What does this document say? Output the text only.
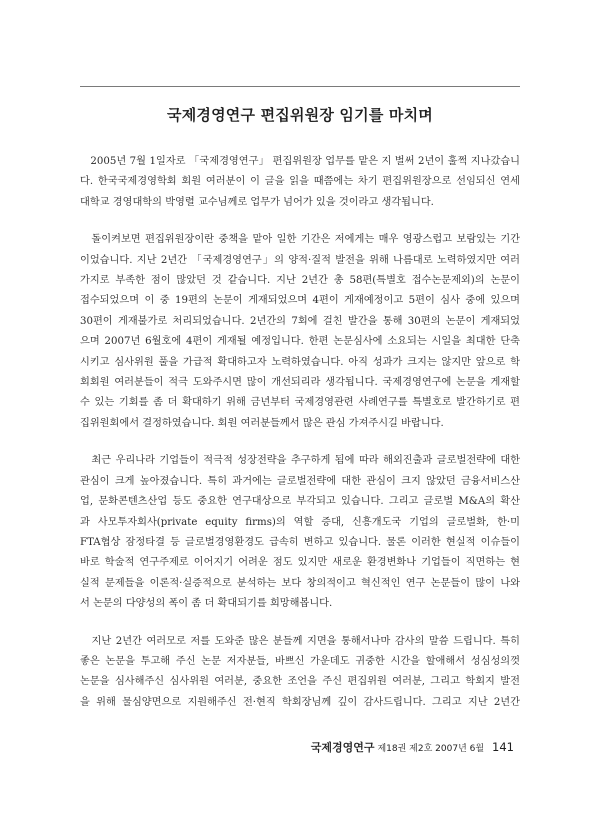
국제경영연구 편집위원장 임기를 마치며

　2005년 7월 1일자로 「국제경영연구」 편집위원장 업무를 맡은 지 벌써 2년이 훌쩍 지나갔습니
다. 한국국제경영학회 회원 여러분이 이 글을 읽을 때쯤에는 차기 편집위원장으로 선임되신 연세
대학교 경영대학의 박영렬 교수님께로 업무가 넘어가 있을 것이라고 생각됩니다.

　돌이켜보면 편집위원장이란 중책을 맡아 일한 기간은 저에게는 매우 영광스럽고 보람있는 기간
이었습니다. 지난 2년간 「국제경영연구」의 양적·질적 발전을 위해 나름대로 노력하였지만 여러
가지로 부족한 점이 많았던 것 같습니다. 지난 2년간 총 58편(특별호 접수논문제외)의 논문이
접수되었으며 이 중 19편의 논문이 게재되었으며 4편이 게재예정이고 5편이 심사 중에 있으며
30편이 게재불가로 처리되었습니다. 2년간의 7회에 걸친 발간을 통해 30편의 논문이 게재되었
으며 2007년 6월호에 4편이 게재될 예정입니다. 한편 논문심사에 소요되는 시일을 최대한 단축
시키고 심사위원 풀을 가급적 확대하고자 노력하였습니다. 아직 성과가 크지는 않지만 앞으로 학
회회원 여러분들이 적극 도와주시면 많이 개선되리라 생각됩니다. 국제경영연구에 논문을 게재할
수 있는 기회를 좀 더 확대하기 위해 금년부터 국제경영관련 사례연구를 특별호로 발간하기로 편
집위원회에서 결정하였습니다. 회원 여러분들께서 많은 관심 가져주시길 바랍니다.

　최근 우리나라 기업들이 적극적 성장전략을 추구하게 됨에 따라 해외진출과 글로벌전략에 대한
관심이 크게 높아졌습니다. 특히 과거에는 글로벌전략에 대한 관심이 크지 않았던 금융서비스산
업, 문화콘텐츠산업 등도 중요한 연구대상으로 부각되고 있습니다. 그리고 글로벌 M&A의 확산
과 사모투자회사(private equity firms)의 역할 증대, 신흥개도국 기업의 글로벌화, 한·미
FTA협상 잠정타결 등 글로벌경영환경도 급속히 변하고 있습니다. 물론 이러한 현실적 이슈들이
바로 학술적 연구주제로 이어지기 어려운 점도 있지만 새로운 환경변화나 기업들이 직면하는 현
실적 문제들을 이론적·실증적으로 분석하는 보다 창의적이고 혁신적인 연구 논문들이 많이 나와
서 논문의 다양성의 폭이 좀 더 확대되기를 희망해봅니다.

　지난 2년간 여러모로 저를 도와준 많은 분들께 지면을 통해서나마 감사의 말씀 드립니다. 특히
좋은 논문을 투고해 주신 논문 저자분들, 바쁘신 가운데도 귀중한 시간을 할애해서 성심성의껏
논문을 심사해주신 심사위원 여러분, 중요한 조언을 주신 편집위원 여러분, 그리고 학회지 발전
을 위해 물심양면으로 지원해주신 전·현직 학회장님께 깊이 감사드립니다. 그리고 지난 2년간

국제경영연구 제18권 제2호 2007년 6월 141
